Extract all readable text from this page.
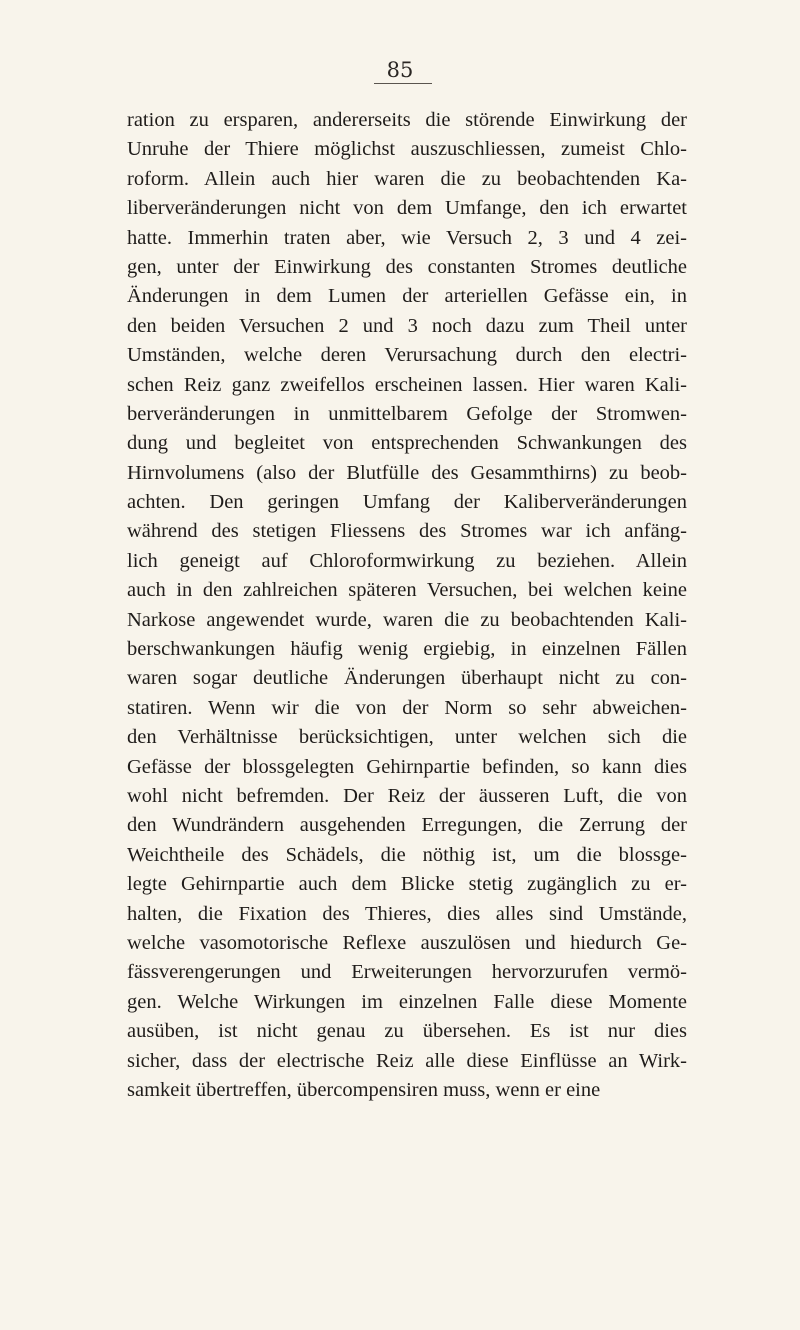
85
ration zu ersparen, andererseits die störende Einwirkung der
Unruhe der Thiere möglichst auszuschliessen, zumeist Chlo-
roform. Allein auch hier waren die zu beobachtenden Ka-
liberveränderungen nicht von dem Umfange, den ich erwartet
hatte. Immerhin traten aber, wie Versuch 2, 3 und 4 zei-
gen, unter der Einwirkung des constanten Stromes deutliche
Änderungen in dem Lumen der arteriellen Gefässe ein, in
den beiden Versuchen 2 und 3 noch dazu zum Theil unter
Umständen, welche deren Verursachung durch den electri-
schen Reiz ganz zweifellos erscheinen lassen. Hier waren Kali-
berveränderungen in unmittelbarem Gefolge der Stromwen-
dung und begleitet von entsprechenden Schwankungen des
Hirnvolumens (also der Blutfülle des Gesammthirns) zu beob-
achten. Den geringen Umfang der Kaliberveränderungen
während des stetigen Fliessens des Stromes war ich anfäng-
lich geneigt auf Chloroformwirkung zu beziehen. Allein
auch in den zahlreichen späteren Versuchen, bei welchen keine
Narkose angewendet wurde, waren die zu beobachtenden Kali-
berschwankungen häufig wenig ergiebig, in einzelnen Fällen
waren sogar deutliche Änderungen überhaupt nicht zu con-
statiren. Wenn wir die von der Norm so sehr abweichen-
den Verhältnisse berücksichtigen, unter welchen sich die
Gefässe der blossgelegten Gehirnpartie befinden, so kann dies
wohl nicht befremden. Der Reiz der äusseren Luft, die von
den Wundrändern ausgehenden Erregungen, die Zerrung der
Weichtheile des Schädels, die nöthig ist, um die blossge-
legte Gehirnpartie auch dem Blicke stetig zugänglich zu er-
halten, die Fixation des Thieres, dies alles sind Umstände,
welche vasomotorische Reflexe auszulösen und hiedurch Ge-
fässverengerungen und Erweiterungen hervorzurufen vermö-
gen. Welche Wirkungen im einzelnen Falle diese Momente
ausüben, ist nicht genau zu übersehen. Es ist nur dies
sicher, dass der electrische Reiz alle diese Einflüsse an Wirk-
samkeit übertreffen, übercompensiren muss, wenn er eine
